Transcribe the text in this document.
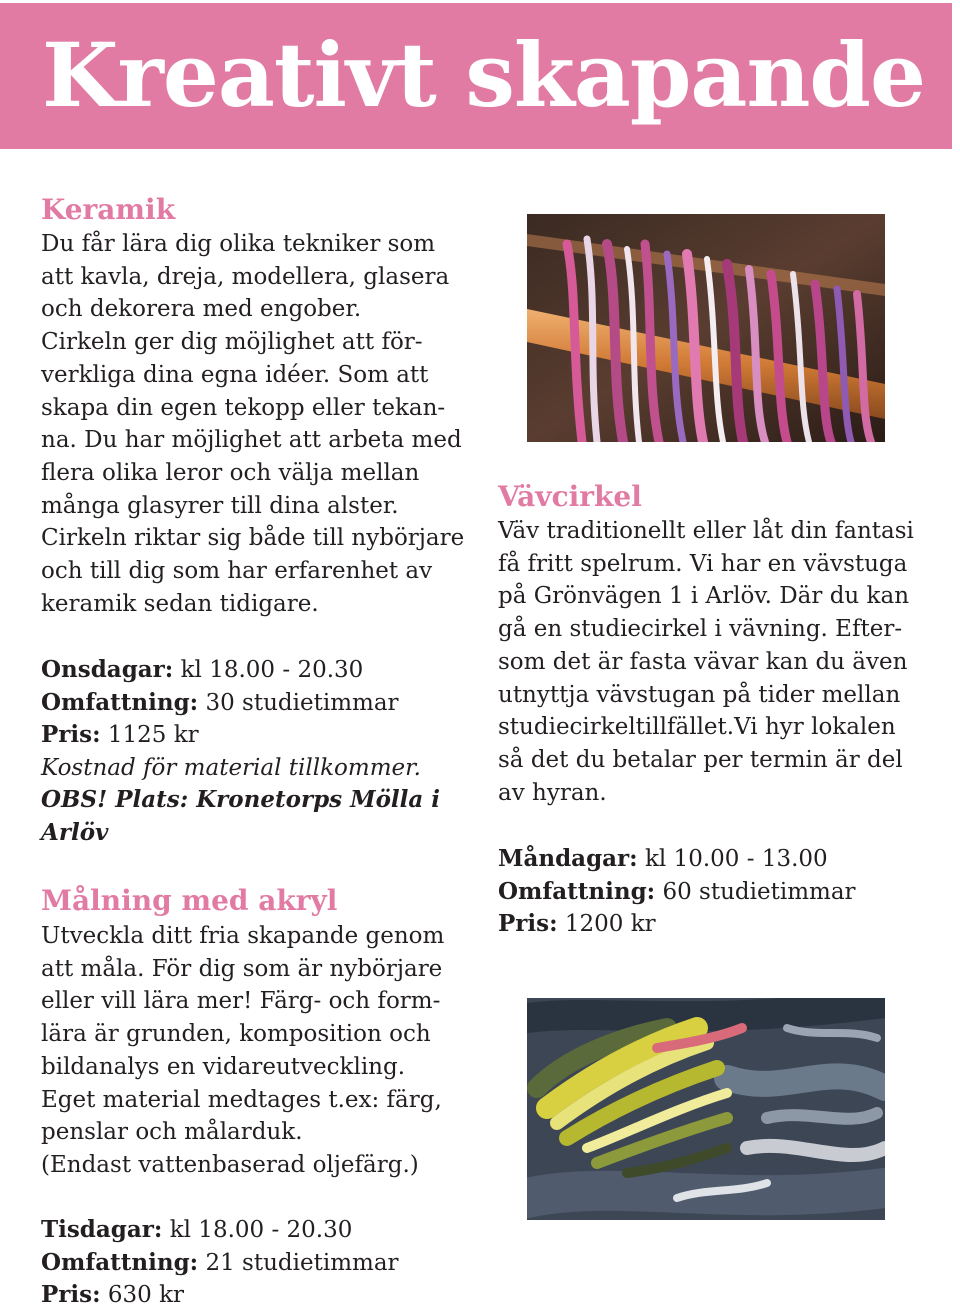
Kreativt skapande
Keramik
Du får lära dig olika tekniker som
att kavla, dreja, modellera, glasera
och dekorera med engober.
Cirkeln ger dig möjlighet att för-
verkliga dina egna idéer. Som att
skapa din egen tekopp eller tekan-
na. Du har möjlighet att arbeta med
flera olika leror och välja mellan
många glasyrer till dina alster.
Cirkeln riktar sig både till nybörjare
och till dig som har erfarenhet av
keramik sedan tidigare.
Onsdagar: kl 18.00 - 20.30
Omfattning: 30 studietimmar
Pris: 1125 kr
Kostnad för material tillkommer.
OBS! Plats: Kronetorps Mölla i
Arlöv
Målning med akryl
Utveckla ditt fria skapande genom
att måla. För dig som är nybörjare
eller vill lära mer! Färg- och form-
lära är grunden, komposition och
bildanalys en vidareutveckling.
Eget material medtages t.ex: färg,
penslar och målarduk.
(Endast vattenbaserad oljefärg.)
Tisdagar: kl 18.00 - 20.30
Omfattning: 21 studietimmar
Pris: 630 kr
Vävcirkel
Väv traditionellt eller låt din fantasi
få fritt spelrum. Vi har en vävstuga
på Grönvägen 1 i Arlöv. Där du kan
gå en studiecirkel i vävning. Efter-
som det är fasta vävar kan du även
utnyttja vävstugan på tider mellan
studiecirkeltillfället.Vi hyr lokalen
så det du betalar per termin är del
av hyran.
Måndagar: kl 10.00 - 13.00
Omfattning: 60 studietimmar
Pris: 1200 kr
